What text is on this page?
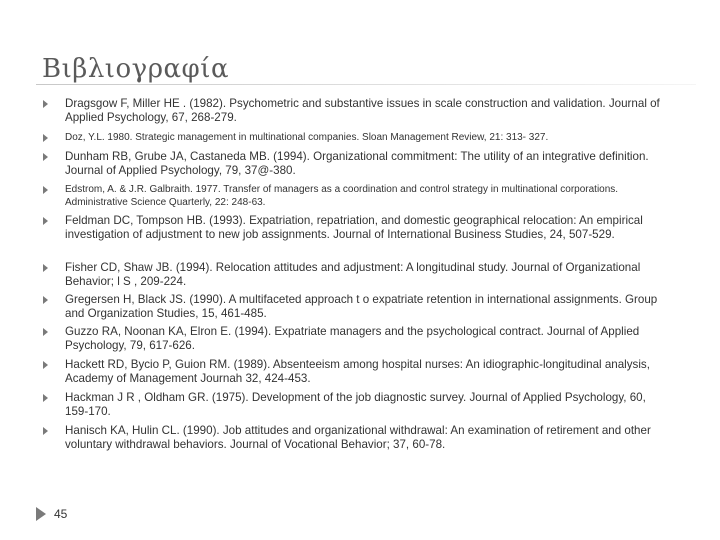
Βιβλιογραφία
Dragsgow F, Miller HE . (1982). Psychometric and substantive issues in scale construction and validation. Journal of Applied Psychology, 67, 268-279.
Doz, Y.L. 1980. Strategic management in multinational companies. Sloan Management Review, 21: 313- 327.
Dunham RB, Grube JA, Castaneda MB. (1994). Organizational commitment: The utility of an integrative definition. Journal of Applied Psychology, 79, 37@-380.
Edstrom, A. & J.R. Galbraith. 1977. Transfer of managers as a coordination and control strategy in multinational corporations. Administrative Science Quarterly, 22: 248-63.
Feldman DC, Tompson HB. (1993). Expatriation, repatriation, and domestic geographical relocation: An empirical investigation of adjustment to new job assignments. Journal of International Business Studies, 24, 507-529.
Fisher CD, Shaw JB. (1994). Relocation attitudes and adjustment: A longitudinal study. Journal of Organizational Behavior; l S , 209-224.
Gregersen H, Black JS. (1990). A multifaceted approach t o expatriate retention in international assignments. Group and Organization Studies, 15, 461-485.
Guzzo RA, Noonan KA, Elron E. (1994). Expatriate managers and the psychological contract. Journal of Applied Psychology, 79, 617-626.
Hackett RD, Bycio P, Guion RM. (1989). Absenteeism among hospital nurses: An idiographic-longitudinal analysis, Academy of Management Journah 32, 424-453.
Hackman J R , Oldham GR. (1975). Development of the job diagnostic survey. Journal of Applied Psychology, 60, 159-170.
Hanisch KA, Hulin CL. (1990). Job attitudes and organizational withdrawal: An examination of retirement and other voluntary withdrawal behaviors. Journal of Vocational Behavior; 37, 60-78.
45
